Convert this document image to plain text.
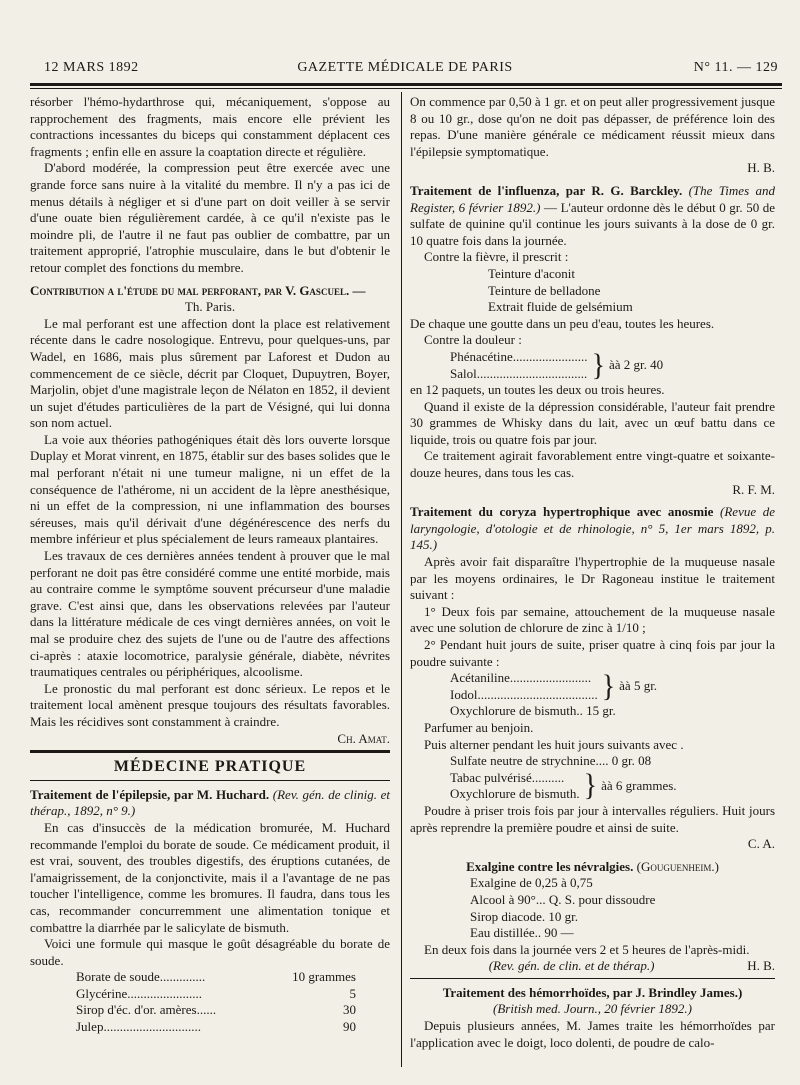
12 MARS 1892	GAZETTE MÉDICALE DE PARIS	N° 11. — 129

résorber l'hémo-hydarthrose qui, mécaniquement, s'oppose au rapprochement des fragments, mais encore elle prévient les contractions incessantes du biceps qui constamment déplacent ces fragments ; enfin elle en assure la coaptation directe et régulière.

D'abord modérée, la compression peut être exercée avec une grande force sans nuire à la vitalité du membre. Il n'y a pas ici de menus détails à négliger et si d'une part on doit veiller à se servir d'une ouate bien régulièrement cardée, à ce qu'il n'existe pas le moindre pli, de l'autre il ne faut pas oublier de combattre, par un traitement approprié, l'atrophie musculaire, dans le but d'obtenir le retour complet des fonctions du membre.

Contribution a l'étude du mal perforant, par V. Gascuel. —

Th. Paris.

Le mal perforant est une affection dont la place est relativement récente dans le cadre nosologique. Entrevu, pour quelques-uns, par Wadel, en 1686, mais plus sûrement par Laforest et Dudon au commencement de ce siècle, décrit par Cloquet, Dupuytren, Boyer, Marjolin, objet d'une magistrale leçon de Nélaton en 1852, il devient un sujet d'études particulières de la part de Vésigné, qui lui donna son nom actuel.

La voie aux théories pathogéniques était dès lors ouverte lorsque Duplay et Morat vinrent, en 1875, établir sur des bases solides que le mal perforant n'était ni une tumeur maligne, ni un effet de la conséquence de l'athérome, ni un accident de la lèpre anesthésique, ni un effet de la compression, ni une inflammation des bourses séreuses, mais qu'il dérivait d'une dégénérescence des nerfs du membre inférieur et plus spécialement de leurs rameaux plantaires.

Les travaux de ces dernières années tendent à prouver que le mal perforant ne doit pas être considéré comme une entité morbide, mais au contraire comme le symptôme souvent précurseur d'une maladie grave. C'est ainsi que, dans les observations relevées par l'auteur dans la littérature médicale de ces vingt dernières années, on voit le mal se produire chez des sujets de l'une ou de l'autre des affections ci-après : ataxie locomotrice, paralysie générale, diabète, névrites traumatiques centrales ou périphériques, alcoolisme.

Le pronostic du mal perforant est donc sérieux. Le repos et le traitement local amènent presque toujours des résultats favorables. Mais les récidives sont constamment à craindre.

Ch. Amat.

MÉDECINE PRATIQUE

Traitement de l'épilepsie, par M. Huchard. (Rev. gén. de clinig. et thérap., 1892, n° 9.)

En cas d'insuccès de la médication bromurée, M. Huchard recommande l'emploi du borate de soude. Ce médicament produit, il est vrai, souvent, des troubles digestifs, des éruptions cutanées, de l'amaigrissement, de la conjonctivite, mais il a l'avantage de ne pas toucher l'intelligence, comme les bromures. Il faudra, dans tous les cas, recommander concurremment une alimentation tonique et combattre la diarrhée par le salicylate de bismuth.

Voici une formule qui masque le goût désagréable du borate de soude.

Borate de soude..............	10 grammes
Glycérine.......................	5
Sirop d'éc. d'or. amères......	30
Julep..............................	90

On commence par 0,50 à 1 gr. et on peut aller progressivement jusque 8 ou 10 gr., dose qu'on ne doit pas dépasser, de préférence loin des repas. D'une manière générale ce médicament réussit mieux dans l'épilepsie symptomatique.

H. B.

Traitement de l'influenza, par R. G. Barckley. (The Times and Register, 6 février 1892.) — L'auteur ordonne dès le début 0 gr. 50 de sulfate de quinine qu'il continue les jours suivants à la dose de 0 gr. 10 quatre fois dans la journée.

Contre la fièvre, il prescrit :

Teinture d'aconit
Teinture de belladone
Extrait fluide de gelsémium

De chaque une goutte dans un peu d'eau, toutes les heures.

Contre la douleur :

Phénacétine.......................
Salol.................................. } àà 2 gr. 40

en 12 paquets, un toutes les deux ou trois heures.

Quand il existe de la dépression considérable, l'auteur fait prendre 30 grammes de Whisky dans du lait, avec un œuf battu dans ce liquide, trois ou quatre fois par jour.

Ce traitement agirait favorablement entre vingt-quatre et soixante-douze heures, dans tous les cas.

R. F. M.

Traitement du coryza hypertrophique avec anosmie (Revue de laryngologie, d'otologie et de rhinologie, n° 5, 1er mars 1892, p. 145.)

Après avoir fait disparaître l'hypertrophie de la muqueuse nasale par les moyens ordinaires, le Dr Ragoneau institue le traitement suivant :

1° Deux fois par semaine, attouchement de la muqueuse nasale avec une solution de chlorure de zinc à 1/10 ;

2° Pendant huit jours de suite, priser quatre à cinq fois par jour la poudre suivante :

Acétaniline.........................
Iodol..................................... } àà 5 gr.
Oxychlorure de bismuth.. 15 gr.

Parfumer au benjoin.

Puis alterner pendant les huit jours suivants avec .

Sulfate neutre de strychnine.... 0 gr. 08
Tabac pulvérisé..........
Oxychlorure de bismuth. } àà 6 grammes.

Poudre à priser trois fois par jour à intervalles réguliers. Huit jours après reprendre la première poudre et ainsi de suite.

C. A.

Exalgine contre les névralgies. (Gouguenheim.)

Exalgine de 0,25 à 0,75
Alcool à 90°... Q. S. pour dissoudre
Sirop diacode. 10 gr.
Eau distillée.. 90 —

En deux fois dans la journée vers 2 et 5 heures de l'après-midi.
H. B.

(Rev. gén. de clin. et de thérap.)

Traitement des hémorrhoïdes, par J. Brindley James.)

(British med. Journ., 20 février 1892.)

Depuis plusieurs années, M. James traite les hémorrhoïdes par l'application avec le doigt, loco dolenti, de poudre de calo-
